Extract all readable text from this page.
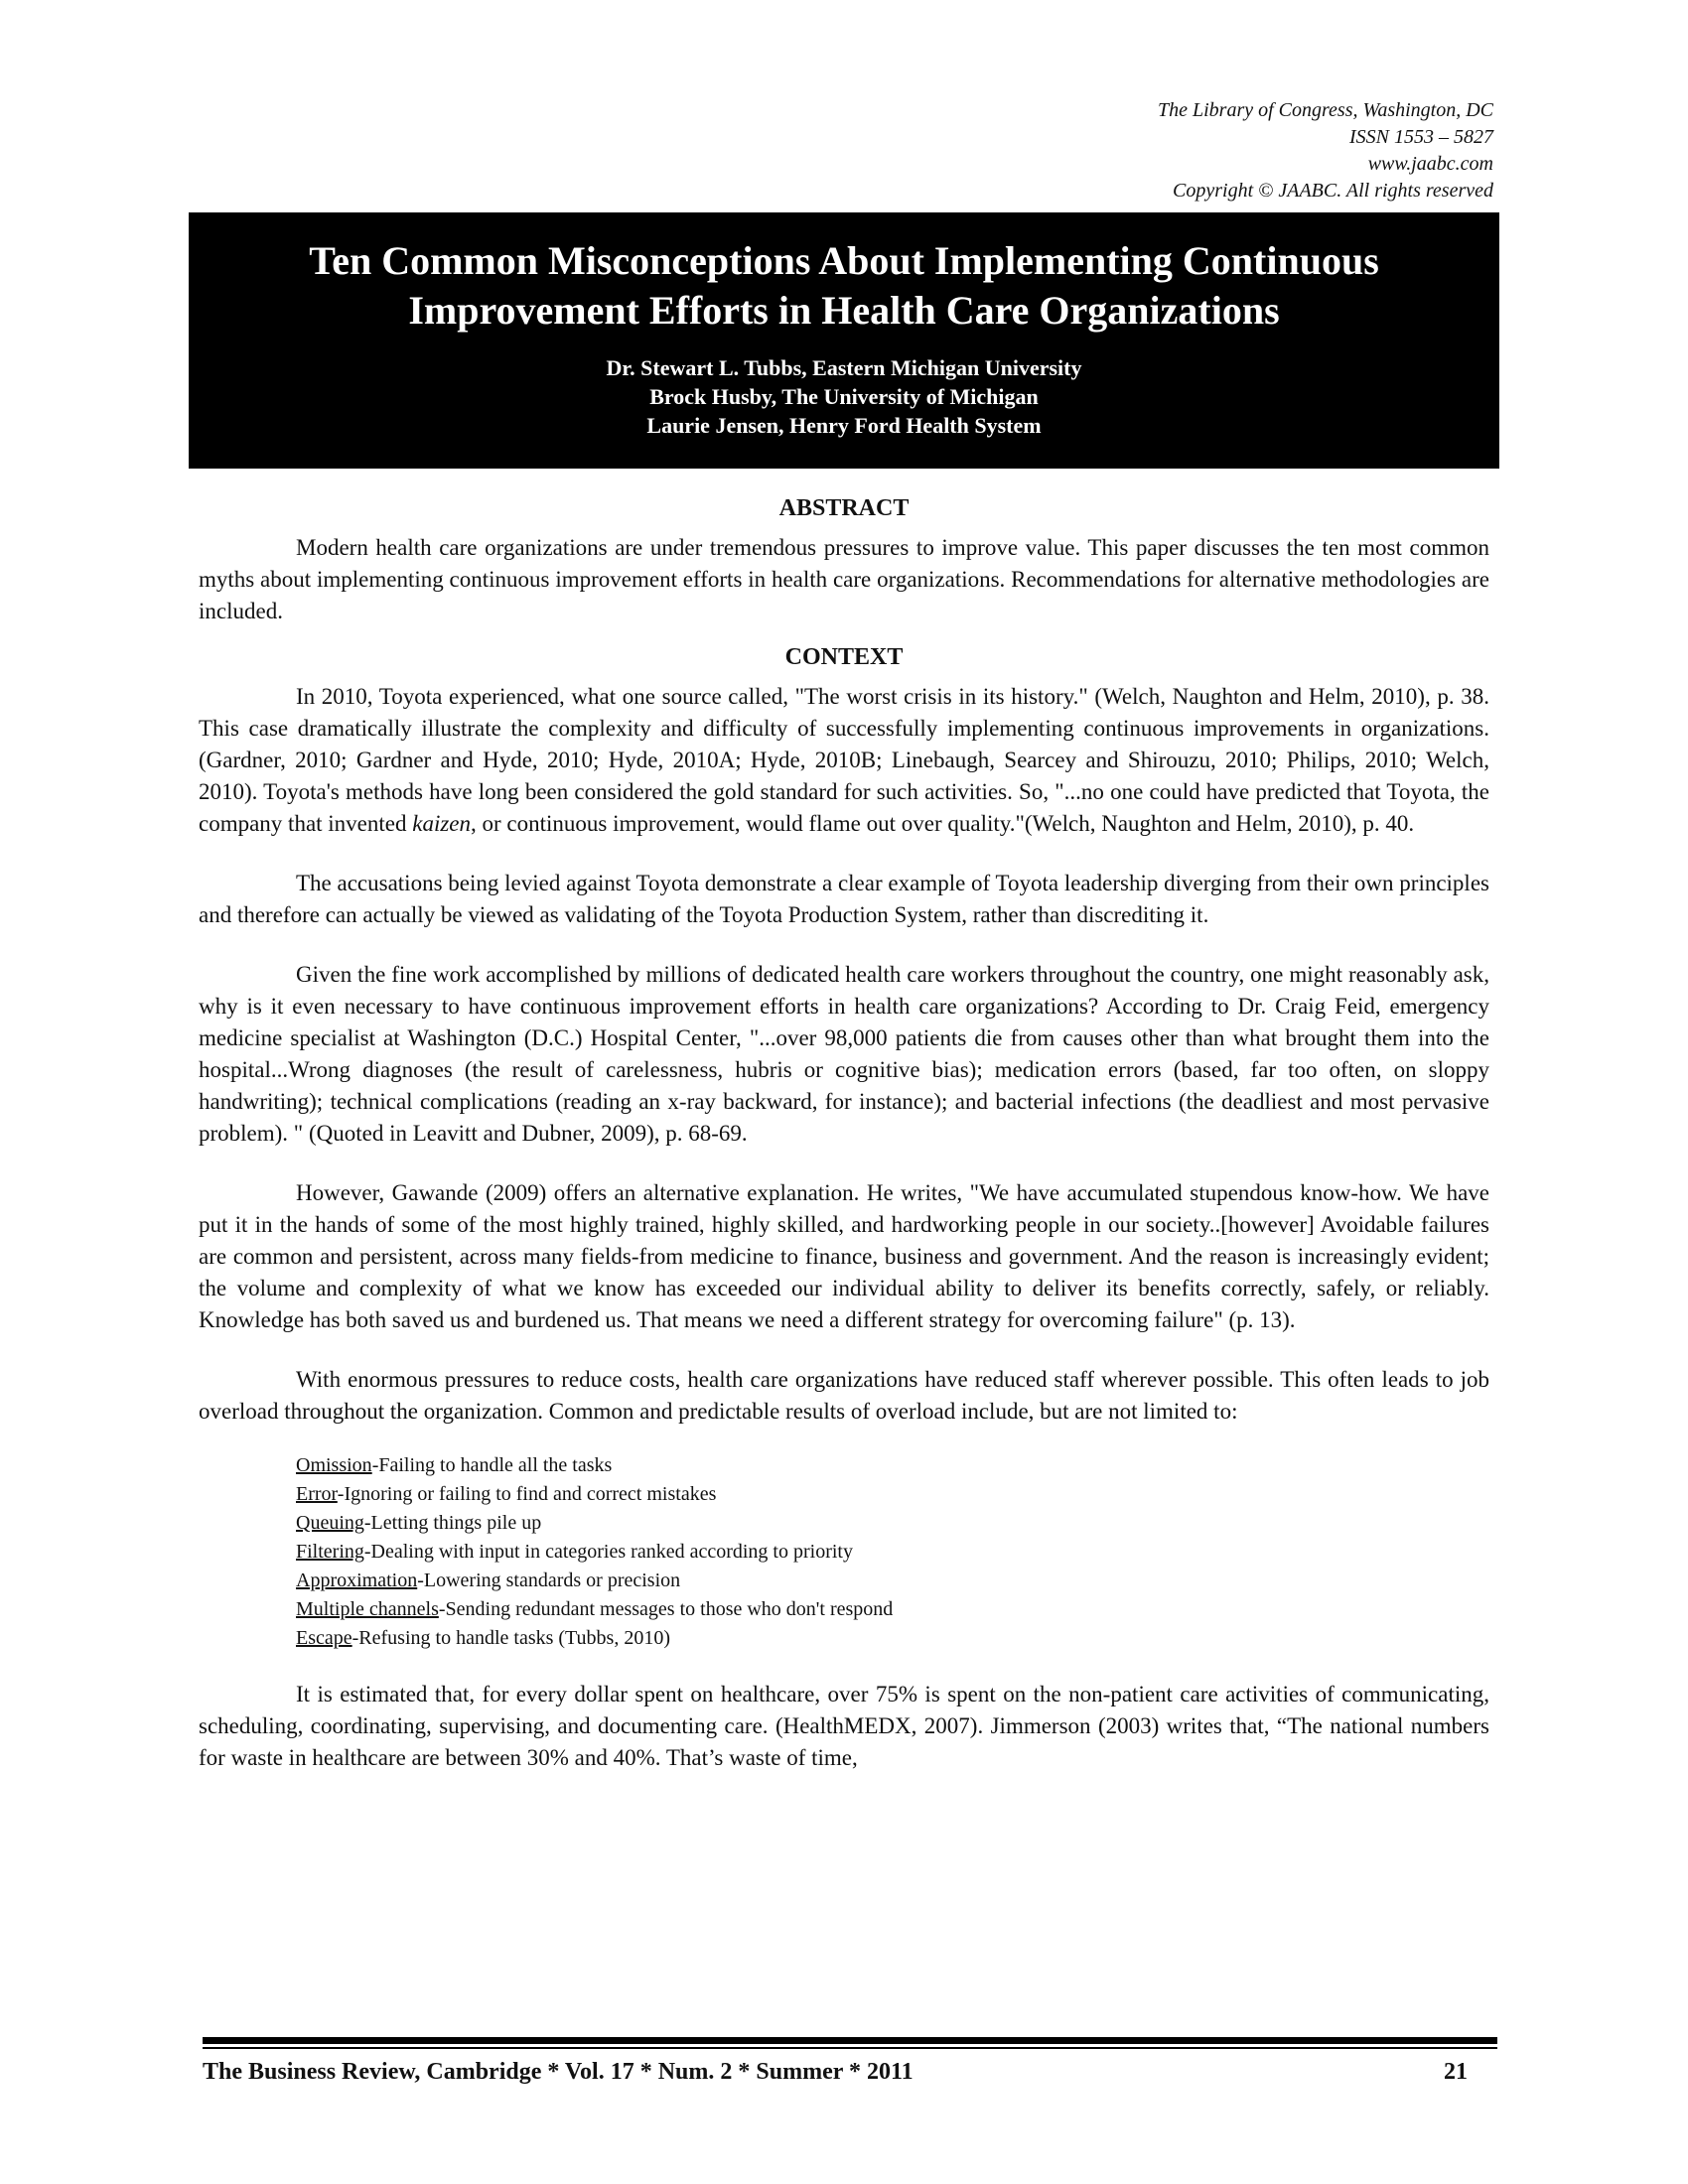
The Library of Congress, Washington, DC
ISSN 1553 – 5827
www.jaabc.com
Copyright © JAABC. All rights reserved
Ten Common Misconceptions About Implementing Continuous
Improvement Efforts in Health Care Organizations
Dr. Stewart L. Tubbs, Eastern Michigan University
Brock Husby, The University of Michigan
Laurie Jensen, Henry Ford Health System
ABSTRACT

Modern health care organizations are under tremendous pressures to improve value. This paper discusses the ten most common myths about implementing continuous improvement efforts in health care organizations. Recommendations for alternative methodologies are included.

CONTEXT

In 2010, Toyota experienced, what one source called, "The worst crisis in its history." (Welch, Naughton and Helm, 2010), p. 38. This case dramatically illustrate the complexity and difficulty of successfully implementing continuous improvements in organizations. (Gardner, 2010; Gardner and Hyde, 2010; Hyde, 2010A; Hyde, 2010B; Linebaugh, Searcey and Shirouzu, 2010; Philips, 2010; Welch, 2010). Toyota's methods have long been considered the gold standard for such activities. So, "...no one could have predicted that Toyota, the company that invented kaizen, or continuous improvement, would flame out over quality."(Welch, Naughton and Helm, 2010), p. 40.

The accusations being levied against Toyota demonstrate a clear example of Toyota leadership diverging from their own principles and therefore can actually be viewed as validating of the Toyota Production System, rather than discrediting it.

Given the fine work accomplished by millions of dedicated health care workers throughout the country, one might reasonably ask, why is it even necessary to have continuous improvement efforts in health care organizations? According to Dr. Craig Feid, emergency medicine specialist at Washington (D.C.) Hospital Center, "...over 98,000 patients die from causes other than what brought them into the hospital...Wrong diagnoses (the result of carelessness, hubris or cognitive bias); medication errors (based, far too often, on sloppy handwriting); technical complications (reading an x-ray backward, for instance); and bacterial infections (the deadliest and most pervasive problem). " (Quoted in Leavitt and Dubner, 2009), p. 68-69.

However, Gawande (2009) offers an alternative explanation. He writes, "We have accumulated stupendous know-how. We have put it in the hands of some of the most highly trained, highly skilled, and hardworking people in our society..[however] Avoidable failures are common and persistent, across many fields-from medicine to finance, business and government. And the reason is increasingly evident; the volume and complexity of what we know has exceeded our individual ability to deliver its benefits correctly, safely, or reliably. Knowledge has both saved us and burdened us. That means we need a different strategy for overcoming failure" (p. 13).

With enormous pressures to reduce costs, health care organizations have reduced staff wherever possible. This often leads to job overload throughout the organization. Common and predictable results of overload include, but are not limited to:

Omission-Failing to handle all the tasks
Error-Ignoring or failing to find and correct mistakes
Queuing-Letting things pile up
Filtering-Dealing with input in categories ranked according to priority
Approximation-Lowering standards or precision
Multiple channels-Sending redundant messages to those who don't respond
Escape-Refusing to handle tasks (Tubbs, 2010)

It is estimated that, for every dollar spent on healthcare, over 75% is spent on the non-patient care activities of communicating, scheduling, coordinating, supervising, and documenting care. (HealthMEDX, 2007). Jimmerson (2003) writes that, “The national numbers for waste in healthcare are between 30% and 40%. That’s waste of time,

The Business Review, Cambridge * Vol. 17 * Num. 2 * Summer * 2011	21
